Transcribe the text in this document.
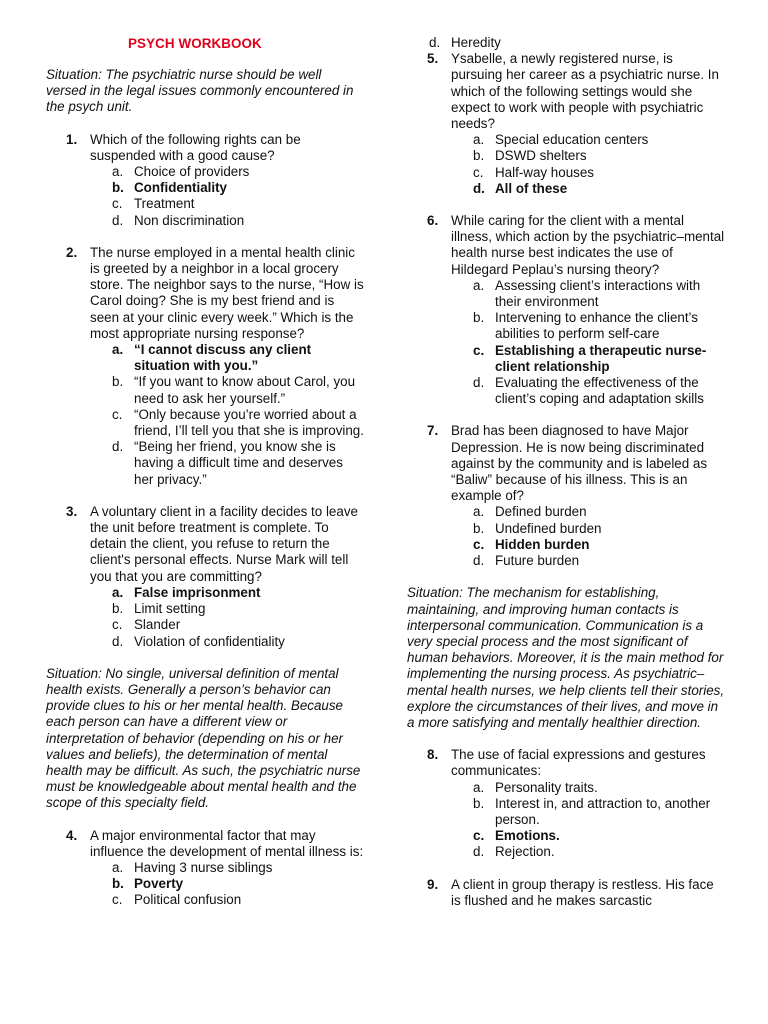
PSYCH WORKBOOK

Situation: The psychiatric nurse should be well versed in the legal issues commonly encountered in the psych unit.

1. Which of the following rights can be suspended with a good cause?

a. Choice of providers
b. Confidentiality
c. Treatment
d. Non discrimination
2. The nurse employed in a mental health clinic is greeted by a neighbor in a local grocery store. The neighbor says to the nurse, “How is Carol doing? She is my best friend and is seen at your clinic every week.” Which is the most appropriate nursing response?

a. “I cannot discuss any client situation with you.”
b. “If you want to know about Carol, you need to ask her yourself.”
c. “Only because you’re worried about a friend, I’ll tell you that she is improving.
d. “Being her friend, you know she is having a difficult time and deserves her privacy.”
3. A voluntary client in a facility decides to leave the unit before treatment is complete. To detain the client, you refuse to return the client's personal effects. Nurse Mark will tell you that you are committing?

a. False imprisonment
b. Limit setting
c. Slander
d. Violation of confidentiality

Situation: No single, universal definition of mental health exists. Generally a person’s behavior can provide clues to his or her mental health. Because each person can have a different view or interpretation of behavior (depending on his or her values and beliefs), the determination of mental health may be difficult. As such, the psychiatric nurse must be knowledgeable about mental health and the scope of this specialty field.

4. A major environmental factor that may influence the development of mental illness is:

a. Having 3 nurse siblings
b. Poverty
c. Political confusion
d. Heredity
5. Ysabelle, a newly registered nurse, is pursuing her career as a psychiatric nurse. In which of the following settings would she expect to work with people with psychiatric needs?

a. Special education centers
b. DSWD shelters
c. Half-way houses
d. All of these
6. While caring for the client with a mental illness, which action by the psychiatric–mental health nurse best indicates the use of Hildegard Peplau’s nursing theory?

a. Assessing client’s interactions with their environment
b. Intervening to enhance the client’s abilities to perform self-care
c. Establishing a therapeutic nurse-client relationship
d. Evaluating the effectiveness of the client’s coping and adaptation skills
7. Brad has been diagnosed to have Major Depression. He is now being discriminated against by the community and is labeled as “Baliw” because of his illness. This is an example of?

a. Defined burden
b. Undefined burden
c. Hidden burden
d. Future burden

Situation: The mechanism for establishing, maintaining, and improving human contacts is interpersonal communication. Communication is a very special process and the most significant of human behaviors. Moreover, it is the main method for implementing the nursing process. As psychiatric–mental health nurses, we help clients tell their stories, explore the circumstances of their lives, and move in a more satisfying and mentally healthier direction.

8. The use of facial expressions and gestures communicates:

a. Personality traits.
b. Interest in, and attraction to, another person.
c. Emotions.
d. Rejection.
9. A client in group therapy is restless. His face is flushed and he makes sarcastic
